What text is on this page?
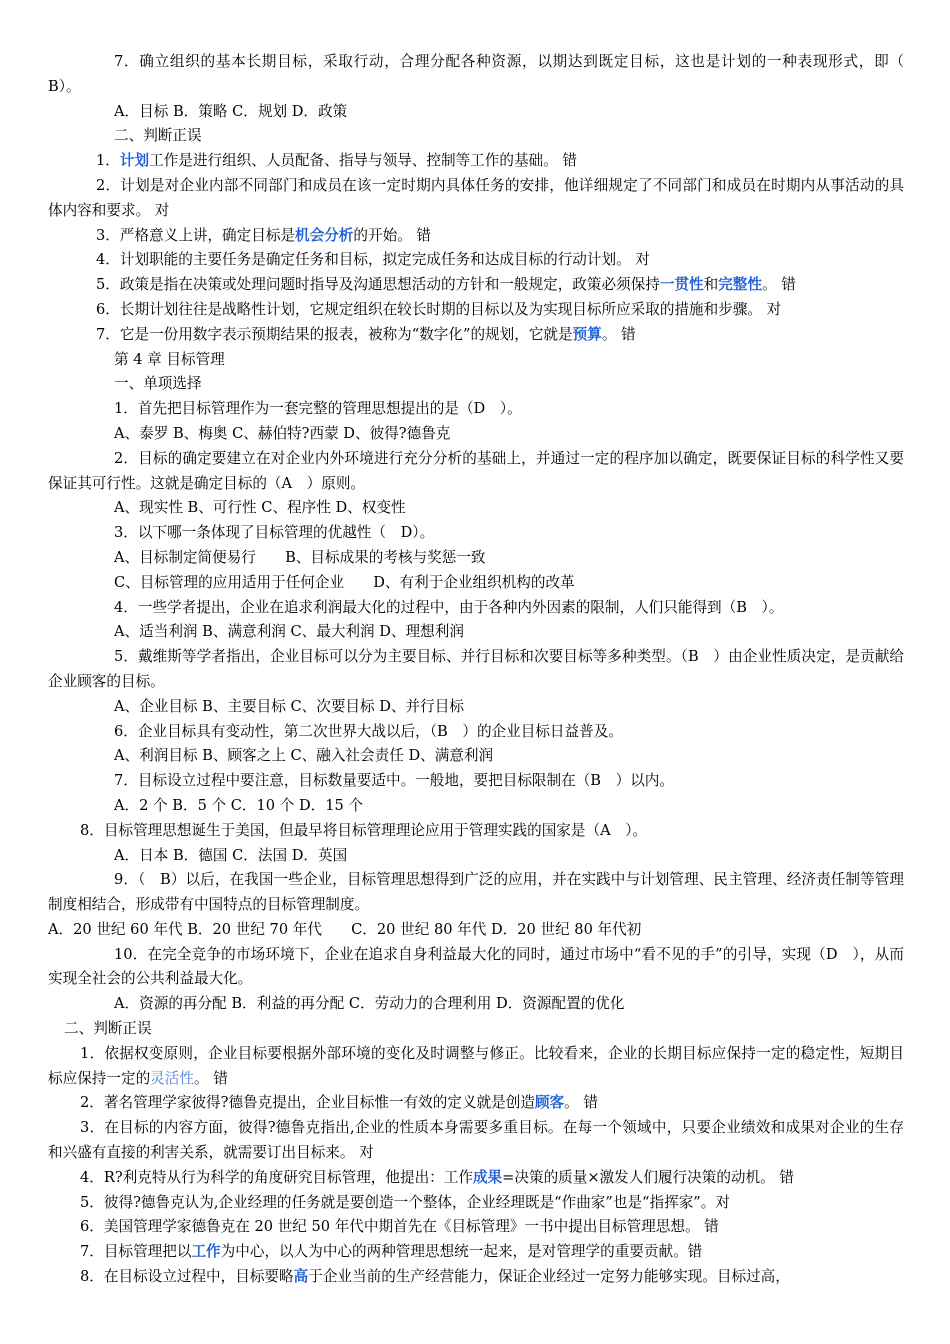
7．确立组织的基本长期目标，采取行动，合理分配各种资源，以期达到既定目标，这也是计划的一种表现形式，即（　 B）。

A．目标 B．策略 C．规划 D．政策

二、判断正误

1．计划工作是进行组织、人员配备、指导与领导、控制等工作的基础。 错

2．计划是对企业内部不同部门和成员在该一定时期内具体任务的安排，他详细规定了不同部门和成员在时期内从事活动的具体内容和要求。 对

3．严格意义上讲，确定目标是机会分析的开始。 错

4．计划职能的主要任务是确定任务和目标，拟定完成任务和达成目标的行动计划。 对

5．政策是指在决策或处理问题时指导及沟通思想活动的方针和一般规定，政策必须保持一贯性和完整性。 错

6．长期计划往往是战略性计划，它规定组织在较长时期的目标以及为实现目标所应采取的措施和步骤。 对

7．它是一份用数字表示预期结果的报表，被称为“数字化”的规划，它就是预算。 错

第 4 章 目标管理

一、单项选择

1．首先把目标管理作为一套完整的管理思想提出的是（D　）。

A、泰罗 B、梅奥 C、赫伯特?西蒙 D、彼得?德鲁克

2．目标的确定要建立在对企业内外环境进行充分分析的基础上，并通过一定的程序加以确定，既要保证目标的科学性又要保证其可行性。这就是确定目标的（A　）原则。

A、现实性 B、可行性 C、程序性 D、权变性

3．以下哪一条体现了目标管理的优越性（　D）。

A、目标制定简便易行　　B、目标成果的考核与奖惩一致

C、目标管理的应用适用于任何企业　　D、有利于企业组织机构的改革

4．一些学者提出，企业在追求利润最大化的过程中，由于各种内外因素的限制，人们只能得到（B　）。

A、适当利润 B、满意利润 C、最大利润 D、理想利润

5．戴维斯等学者指出，企业目标可以分为主要目标、并行目标和次要目标等多种类型。（B　）由企业性质决定，是贡献给企业顾客的目标。

A、企业目标 B、主要目标 C、次要目标 D、并行目标

6．企业目标具有变动性，第二次世界大战以后，（B　）的企业目标日益普及。

A、利润目标 B、顾客之上 C、融入社会责任 D、满意利润

7．目标设立过程中要注意，目标数量要适中。一般地，要把目标限制在（B　）以内。

A．2 个 B．5 个 C．10 个 D．15 个

8．目标管理思想诞生于美国，但最早将目标管理理论应用于管理实践的国家是（A　）。

A．日本 B．德国 C．法国 D．英国

9．（　B）以后，在我国一些企业，目标管理思想得到广泛的应用，并在实践中与计划管理、民主管理、经济责任制等管理制度相结合，形成带有中国特点的目标管理制度。

A．20 世纪 60 年代 B．20 世纪 70 年代　　C．20 世纪 80 年代 D．20 世纪 80 年代初

10．在完全竞争的市场环境下，企业在追求自身利益最大化的同时，通过市场中“看不见的手”的引导，实现（D　），从而实现全社会的公共利益最大化。

A．资源的再分配 B．利益的再分配 C．劳动力的合理利用 D．资源配置的优化

二、判断正误

1．依据权变原则，企业目标要根据外部环境的变化及时调整与修正。比较看来，企业的长期目标应保持一定的稳定性，短期目标应保持一定的灵活性。 错

2．著名管理学家彼得?德鲁克提出，企业目标惟一有效的定义就是创造顾客。 错

3．在目标的内容方面，彼得?德鲁克指出,企业的性质本身需要多重目标。在每一个领域中，只要企业绩效和成果对企业的生存和兴盛有直接的利害关系，就需要订出目标来。 对

4．R?利克特从行为科学的角度研究目标管理，他提出：工作成果=决策的质量×激发人们履行决策的动机。 错

5．彼得?德鲁克认为,企业经理的任务就是要创造一个整体，企业经理既是“作曲家”也是“指挥家”。对

6．美国管理学家德鲁克在 20 世纪 50 年代中期首先在《目标管理》一书中提出目标管理思想。 错

7．目标管理把以工作为中心，以人为中心的两种管理思想统一起来，是对管理学的重要贡献。错

8．在目标设立过程中，目标要略高于企业当前的生产经营能力，保证企业经过一定努力能够实现。目标过高，
